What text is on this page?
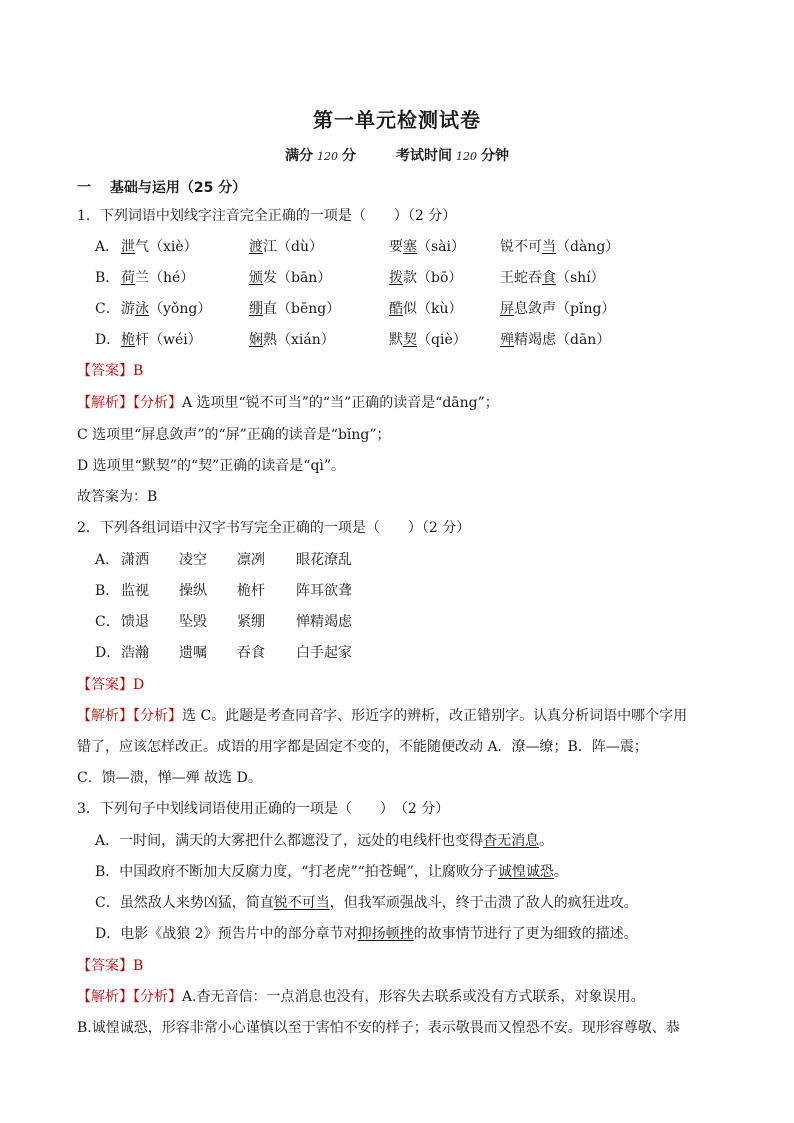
第一单元检测试卷
满分 120 分	考试时间 120 分钟
一　 基础与运用（25 分）
1．下列词语中划线字注音完全正确的一项是（　　）（2 分）
A． 泄气（xiè）	渡江（dù）	要塞（sài） 锐不可当（dàng）
B． 荷兰（hé）	颁发（bān）	拨款（bō）	王蛇吞食（shí）
C． 游泳（yǒng）	绷直（bēng）	酷似（kù）	屏息敛声（pǐng）
D． 桅杆（wéi）	娴熟（xián）	默契（qiè） 殚精竭虑（dān）
【答案】B
【解析】【分析】A 选项里“锐不可当”的“当”正确的读音是“dāng”；
C 选项里“屏息敛声”的“屏”正确的读音是“bǐng”；
D 选项里“默契”的“契”正确的读音是“qì”。
故答案为：B
2．下列各组词语中汉字书写完全正确的一项是（　　）（2 分）
A． 潇洒 凌空 凛冽 眼花潦乱
B． 监视 操纵 桅杆 阵耳欲聋
C． 馈退 坠毁 紧绷 惮精竭虑
D． 浩瀚 遗嘱 吞食 白手起家
【答案】D
【解析】【分析】选 C。此题是考查同音字、形近字的辨析，改正错别字。认真分析词语中哪个字用
错了，应该怎样改正。成语的用字都是固定不变的，不能随便改动 A．潦—缭；B．阵—震；
C．馈—溃，惮—殚 故选 D。
3．下列句子中划线词语使用正确的一项是（　　）　（2 分）
A．一时间，满天的大雾把什么都遮没了，远处的电线杆也变得杳无消息。
B．中国政府不断加大反腐力度，“打老虎”“拍苍蝇”，让腐败分子诚惶诚恐。
C．虽然敌人来势凶猛，简直锐不可当，但我军顽强战斗，终于击溃了敌人的疯狂进攻。
D．电影《战狼 2》预告片中的部分章节对抑扬顿挫的故事情节进行了更为细致的描述。
【答案】B
【解析】【分析】A.杳无音信：一点消息也没有，形容失去联系或没有方式联系，对象误用。
B.诚惶诚恐，形容非常小心谨慎以至于害怕不安的样子；表示敬畏而又惶恐不安。现形容尊敬、恭
